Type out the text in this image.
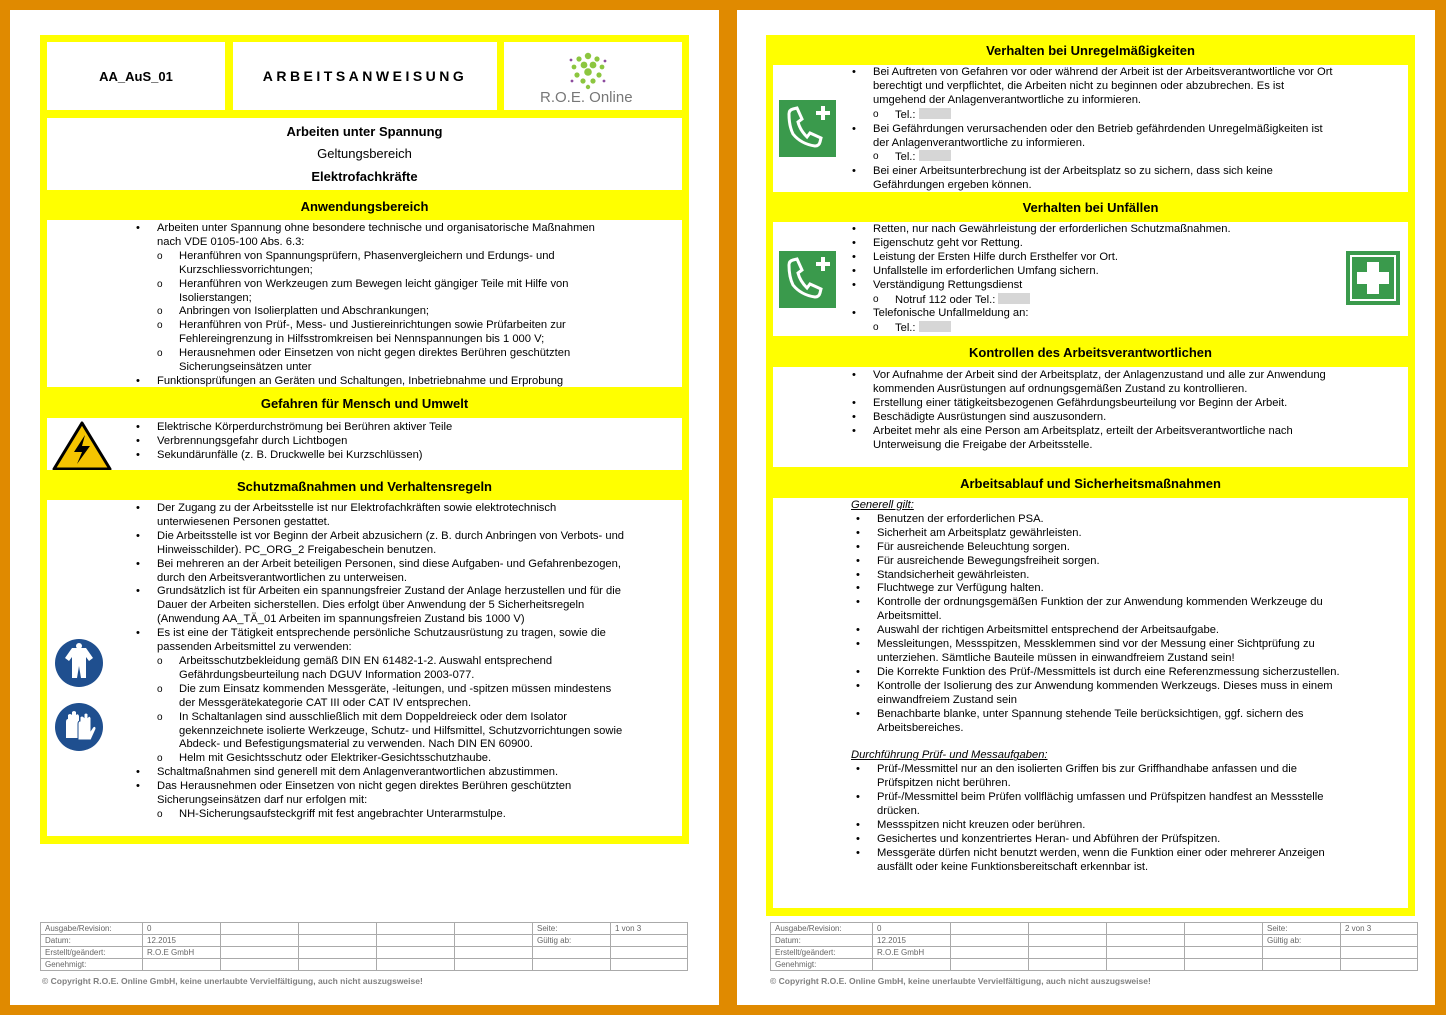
AA_AuS_01	ARBEITSANWEISUNG
R.O.E. Online
Arbeiten unter Spannung
Geltungsbereich
Elektrofachkräfte
Anwendungsbereich
• Arbeiten unter Spannung ohne besondere technische und organisatorische Maßnahmen nach VDE 0105-100 Abs. 6.3:
o Heranführen von Spannungsprüfern, Phasenvergleichern und Erdungs- und Kurzschliessvorrichtungen;
o Heranführen von Werkzeugen zum Bewegen leicht gängiger Teile mit Hilfe von Isolierstangen;
o Anbringen von Isolierplatten und Abschrankungen;
o Heranführen von Prüf-, Mess- und Justiereinrichtungen sowie Prüfarbeiten zur Fehlereingrenzung in Hilfsstromkreisen bei Nennspannungen bis 1 000 V;
o Herausnehmen oder Einsetzen von nicht gegen direktes Berühren geschützten Sicherungseinsätzen unter
• Funktionsprüfungen an Geräten und Schaltungen, Inbetriebnahme und Erprobung
Gefahren für Mensch und Umwelt
• Elektrische Körperdurchströmung bei Berühren aktiver Teile
• Verbrennungsgefahr durch Lichtbogen
• Sekundärunfälle (z. B. Druckwelle bei Kurzschlüssen)
Schutzmaßnahmen und Verhaltensregeln
• Der Zugang zu der Arbeitsstelle ist nur Elektrofachkräften sowie elektrotechnisch unterwiesenen Personen gestattet.
• Die Arbeitsstelle ist vor Beginn der Arbeit abzusichern (z. B. durch Anbringen von Verbots- und Hinweisschilder). PC_ORG_2 Freigabeschein benutzen.
• Bei mehreren an der Arbeit beteiligen Personen, sind diese Aufgaben- und Gefahrenbezogen, durch den Arbeitsverantwortlichen zu unterweisen.
• Grundsätzlich ist für Arbeiten ein spannungsfreier Zustand der Anlage herzustellen und für die Dauer der Arbeiten sicherstellen. Dies erfolgt über Anwendung der 5 Sicherheitsregeln (Anwendung AA_TÄ_01 Arbeiten im spannungsfreien Zustand bis 1000 V)
• Es ist eine der Tätigkeit entsprechende persönliche Schutzausrüstung zu tragen, sowie die passenden Arbeitsmittel zu verwenden:
o Arbeitsschutzbekleidung gemäß DIN EN 61482-1-2. Auswahl entsprechend Gefährdungsbeurteilung nach DGUV Information 2003-077.
o Die zum Einsatz kommenden Messgeräte, -leitungen, und -spitzen müssen mindestens der Messgerätekategorie CAT III oder CAT IV entsprechen.
o In Schaltanlagen sind ausschließlich mit dem Doppeldreieck oder dem Isolator gekennzeichnete isolierte Werkzeuge, Schutz- und Hilfsmittel, Schutzvorrichtungen sowie Abdeck- und Befestigungsmaterial zu verwenden. Nach DIN EN 60900.
o Helm mit Gesichtsschutz oder Elektriker-Gesichtsschutzhaube.
• Schaltmaßnahmen sind generell mit dem Anlagenverantwortlichen abzustimmen.
• Das Herausnehmen oder Einsetzen von nicht gegen direktes Berühren geschützten Sicherungseinsätzen darf nur erfolgen mit:
o NH-Sicherungsaufsteckgriff mit fest angebrachter Unterarmstulpe.
Ausgabe/Revision:	0					Seite:	1 von 3
Datum:	12.2015					Gültig ab:	
Erstellt/geändert:	R.O.E GmbH						
Genehmigt:							
© Copyright R.O.E. Online GmbH, keine unerlaubte Vervielfältigung, auch nicht auszugsweise!
Verhalten bei Unregelmäßigkeiten
• Bei Auftreten von Gefahren vor oder während der Arbeit ist der Arbeitsverantwortliche vor Ort berechtigt und verpflichtet, die Arbeiten nicht zu beginnen oder abzubrechen. Es ist umgehend der Anlagenverantwortliche zu informieren.
o Tel.:
• Bei Gefährdungen verursachenden oder den Betrieb gefährdenden Unregelmäßigkeiten ist der Anlagenverantwortliche zu informieren.
o Tel.:
• Bei einer Arbeitsunterbrechung ist der Arbeitsplatz so zu sichern, dass sich keine Gefährdungen ergeben können.
Verhalten bei Unfällen
• Retten, nur nach Gewährleistung der erforderlichen Schutzmaßnahmen.
• Eigenschutz geht vor Rettung.
• Leistung der Ersten Hilfe durch Ersthelfer vor Ort.
• Unfallstelle im erforderlichen Umfang sichern.
• Verständigung Rettungsdienst
o Notruf 112 oder Tel.:
• Telefonische Unfallmeldung an:
o Tel.:
Kontrollen des Arbeitsverantwortlichen
• Vor Aufnahme der Arbeit sind der Arbeitsplatz, der Anlagenzustand und alle zur Anwendung kommenden Ausrüstungen auf ordnungsgemäßen Zustand zu kontrollieren.
• Erstellung einer tätigkeitsbezogenen Gefährdungsbeurteilung vor Beginn der Arbeit.
• Beschädigte Ausrüstungen sind auszusondern.
• Arbeitet mehr als eine Person am Arbeitsplatz, erteilt der Arbeitsverantwortliche nach Unterweisung die Freigabe der Arbeitsstelle.
Arbeitsablauf und Sicherheitsmaßnahmen
Generell gilt:
• Benutzen der erforderlichen PSA.
• Sicherheit am Arbeitsplatz gewährleisten.
• Für ausreichende Beleuchtung sorgen.
• Für ausreichende Bewegungsfreiheit sorgen.
• Standsicherheit gewährleisten.
• Fluchtwege zur Verfügung halten.
• Kontrolle der ordnungsgemäßen Funktion der zur Anwendung kommenden Werkzeuge du Arbeitsmittel.
• Auswahl der richtigen Arbeitsmittel entsprechend der Arbeitsaufgabe.
• Messleitungen, Messspitzen, Messklemmen sind vor der Messung einer Sichtprüfung zu unterziehen. Sämtliche Bauteile müssen in einwandfreiem Zustand sein!
• Die Korrekte Funktion des Prüf-/Messmittels ist durch eine Referenzmessung sicherzustellen.
• Kontrolle der Isolierung des zur Anwendung kommenden Werkzeugs. Dieses muss in einem einwandfreiem Zustand sein
• Benachbarte blanke, unter Spannung stehende Teile berücksichtigen, ggf. sichern des Arbeitsbereiches.
Durchführung Prüf- und Messaufgaben:
• Prüf-/Messmittel nur an den isolierten Griffen bis zur Griffhandhabe anfassen und die Prüfspitzen nicht berühren.
• Prüf-/Messmittel beim Prüfen vollflächig umfassen und Prüfspitzen handfest an Messstelle drücken.
• Messspitzen nicht kreuzen oder berühren.
• Gesichertes und konzentriertes Heran- und Abführen der Prüfspitzen.
• Messgeräte dürfen nicht benutzt werden, wenn die Funktion einer oder mehrerer Anzeigen ausfällt oder keine Funktionsbereitschaft erkennbar ist.
Ausgabe/Revision:	0					Seite:	2 von 3
Datum:	12.2015					Gültig ab:	
Erstellt/geändert:	R.O.E GmbH						
Genehmigt:							
© Copyright R.O.E. Online GmbH, keine unerlaubte Vervielfältigung, auch nicht auszugsweise!
